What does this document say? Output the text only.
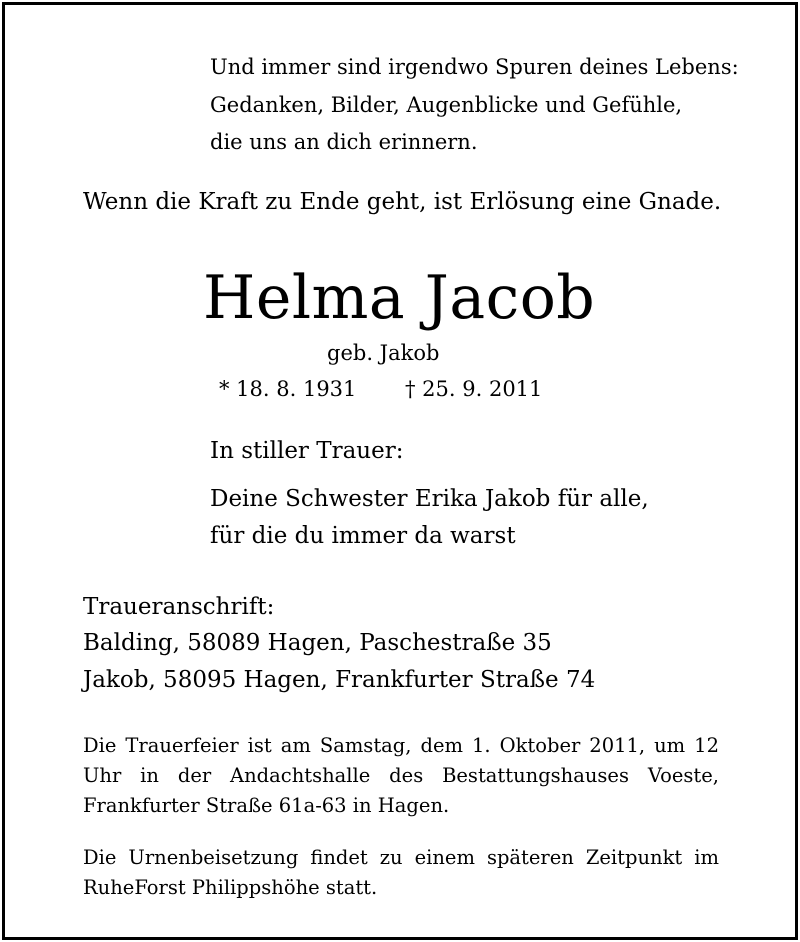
Und immer sind irgendwo Spuren deines Lebens:

Gedanken, Bilder, Augenblicke und Gefühle,

die uns an dich erinnern.

Wenn die Kraft zu Ende geht, ist Erlösung eine Gnade.

Helma Jacob

geb. Jakob

* 18. 8. 1931 † 25. 9. 2011

In stiller Trauer:

Deine Schwester Erika Jakob für alle,

für die du immer da warst

Traueranschrift:

Balding, 58089 Hagen, Paschestraße 35

Jakob, 58095 Hagen, Frankfurter Straße 74

Die Trauerfeier ist am Samstag, dem 1. Oktober 2011, um 12 Uhr in der Andachtshalle des Bestattungshauses Voeste, Frankfurter Straße 61a-63 in Hagen.

Die Urnenbeisetzung findet zu einem späteren Zeitpunkt im RuheForst Philippshöhe statt.
